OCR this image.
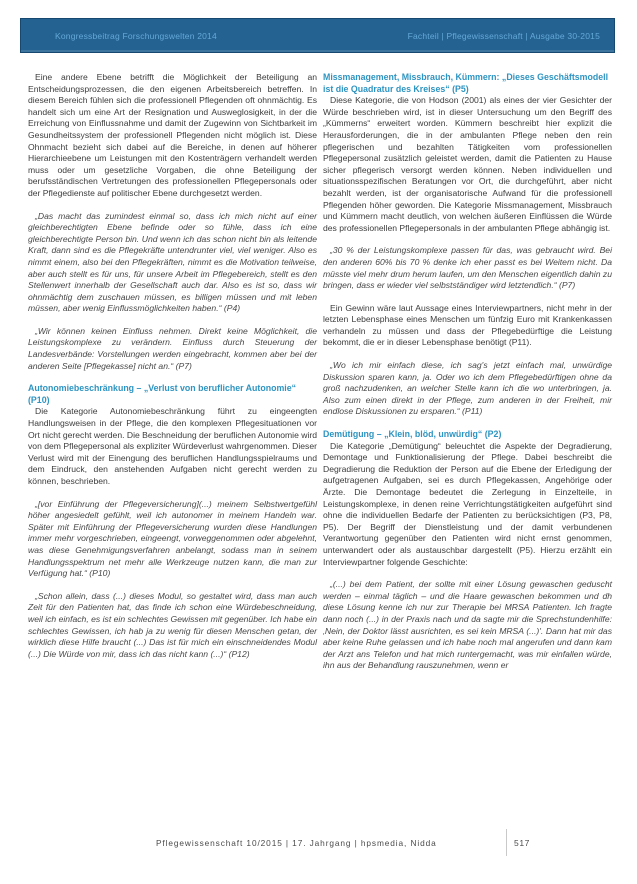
Kongressbeitrag Forschungswelten 2014	Fachteil | Pflegewissenschaft | Ausgabe 30-2015

Eine andere Ebene betrifft die Möglichkeit der Beteiligung an Entscheidungsprozessen, die den eigenen Arbeitsbereich betreffen. In diesem Bereich fühlen sich die professionell Pflegenden oft ohnmächtig. Es handelt sich um eine Art der Resignation und Ausweglosigkeit, in der die Erreichung von Einflussnahme und damit der Zugewinn von Sichtbarkeit im Gesundheitssystem der professionell Pflegenden nicht möglich ist. Diese Ohnmacht bezieht sich dabei auf die Bereiche, in denen auf höherer Hierarchieebene um Leistungen mit den Kostenträgern verhandelt werden muss oder um gesetzliche Vorgaben, die ohne Beteiligung der berufsständischen Vertretungen des professionellen Pflegepersonals oder der Pflegedienste auf politischer Ebene durchgesetzt werden.

„Das macht das zumindest einmal so, dass ich mich nicht auf einer gleichberechtigten Ebene befinde oder so fühle, dass ich eine gleichberechtigte Person bin. Und wenn ich das schon nicht bin als leitende Kraft, dann sind es die Pflegekräfte untendrunter viel, viel weniger. Also es nimmt einem, also bei den Pflegekräften, nimmt es die Motivation teilweise, aber auch stellt es für uns, für unsere Arbeit im Pflegebereich, stellt es den Stellenwert innerhalb der Gesellschaft auch dar. Also es ist so, dass wir ohnmächtig dem zuschauen müssen, es billigen müssen und mit leben müssen, aber wenig Einflussmöglichkeiten haben.“ (P4)

„Wir können keinen Einfluss nehmen. Direkt keine Möglichkeit, die Leistungskomplexe zu verändern. Einfluss durch Steuerung der Landesverbände: Vorstellungen werden eingebracht, kommen aber bei der anderen Seite [Pflegekasse] nicht an.“ (P7)

Autonomiebeschränkung – „Verlust von beruflicher Autonomie“ (P10)

Die Kategorie Autonomiebeschränkung führt zu eingeengten Handlungsweisen in der Pflege, die den komplexen Pflegesituationen vor Ort nicht gerecht werden. Die Beschneidung der beruflichen Autonomie wird von dem Pflegepersonal als expliziter Würdeverlust wahrgenommen. Dieser Verlust wird mit der Einengung des beruflichen Handlungsspielraums und dem Eindruck, den anstehenden Aufgaben nicht gerecht werden zu können, beschrieben.

„[vor Einführung der Pflegeversicherung](...) meinem Selbstwertgefühl höher angesiedelt gefühlt, weil ich autonomer in meinem Handeln war. Später mit Einführung der Pflegeversicherung wurden diese Handlungen immer mehr vorgeschrieben, eingeengt, vorweggenommen oder abgelehnt, was diese Genehmigungsverfahren anbelangt, sodass man in seinem Handlungsspektrum net mehr alle Werkzeuge nutzen kann, die man zur Verfügung hat.“ (P10)

„Schon allein, dass (...) dieses Modul, so gestaltet wird, dass man auch Zeit für den Patienten hat, das finde ich schon eine Würdebeschneidung, weil ich einfach, es ist ein schlechtes Gewissen mit gegenüber. Ich habe ein schlechtes Gewissen, ich hab ja zu wenig für diesen Menschen getan, der wirklich diese Hilfe braucht (...) Das ist für mich ein einschneidendes Modul (...) Die Würde von mir, dass ich das nicht kann (...)“ (P12)

Missmanagement, Missbrauch, Kümmern: „Dieses Geschäftsmodell ist die Quadratur des Kreises“ (P5)

Diese Kategorie, die von Hodson (2001) als eines der vier Gesichter der Würde beschrieben wird, ist in dieser Untersuchung um den Begriff des „Kümmerns“ erweitert worden. Kümmern beschreibt hier explizit die Herausforderungen, die in der ambulanten Pflege neben den rein pflegerischen und bezahlten Tätigkeiten vom professionellen Pflegepersonal zusätzlich geleistet werden, damit die Patienten zu Hause sicher pflegerisch versorgt werden können. Neben individuellen und situationsspezifischen Beratungen vor Ort, die durchgeführt, aber nicht bezahlt werden, ist der organisatorische Aufwand für die professionell Pflegenden höher geworden. Die Kategorie Missmanagement, Missbrauch und Kümmern macht deutlich, von welchen äußeren Einflüssen die Würde des professionellen Pflegepersonals in der ambulanten Pflege abhängig ist.

„30 % der Leistungskomplexe passen für das, was gebraucht wird. Bei den anderen 60% bis 70 % denke ich eher passt es bei Weitem nicht. Da müsste viel mehr drum herum laufen, um den Menschen eigentlich dahin zu bringen, dass er wieder viel selbstständiger wird letztendlich.“ (P7)

Ein Gewinn wäre laut Aussage eines Interviewpartners, nicht mehr in der letzten Lebensphase eines Menschen um fünfzig Euro mit Krankenkassen verhandeln zu müssen und dass der Pflegebedürftige die Leistung bekommt, die er in dieser Lebensphase benötigt (P11).

„Wo ich mir einfach diese, ich sag's jetzt einfach mal, unwürdige Diskussion sparen kann, ja. Oder wo ich dem Pflegebedürftigen ohne da groß nachzudenken, an welcher Stelle kann ich die wo unterbringen, ja. Also zum einen direkt in der Pflege, zum anderen in der Freiheit, mir endlose Diskussionen zu ersparen.“ (P11)

Demütigung – „Klein, blöd, unwürdig“ (P2)

Die Kategorie „Demütigung“ beleuchtet die Aspekte der Degradierung, Demontage und Funktionalisierung der Pflege. Dabei beschreibt die Degradierung die Reduktion der Person auf die Ebene der Erledigung der aufgetragenen Aufgaben, sei es durch Pflegekassen, Angehörige oder Ärzte. Die Demontage bedeutet die Zerlegung in Einzelteile, in Leistungskomplexe, in denen reine Verrichtungstätigkeiten aufgeführt sind ohne die individuellen Bedarfe der Patienten zu berücksichtigen (P3, P8, P5). Der Begriff der Dienstleistung und der damit verbundenen Verantwortung gegenüber den Patienten wird nicht ernst genommen, unterwandert oder als austauschbar dargestellt (P5). Hierzu erzählt ein Interviewpartner folgende Geschichte:

„(...) bei dem Patient, der sollte mit einer Lösung gewaschen geduscht werden – einmal täglich – und die Haare gewaschen bekommen und dh diese Lösung kenne ich nur zur Therapie bei MRSA Patienten. Ich fragte dann noch (...) in der Praxis nach und da sagte mir die Sprechstundenhilfe: ‚Nein, der Doktor lässt ausrichten, es sei kein MRSA (...)'. Dann hat mir das aber keine Ruhe gelassen und ich habe noch mal angerufen und dann kam der Arzt ans Telefon und hat mich runtergemacht, was mir einfallen würde, ihn aus der Behandlung rauszunehmen, wenn er

Pflegewissenschaft 10/2015 | 17. Jahrgang | hpsmedia, Nidda	517
